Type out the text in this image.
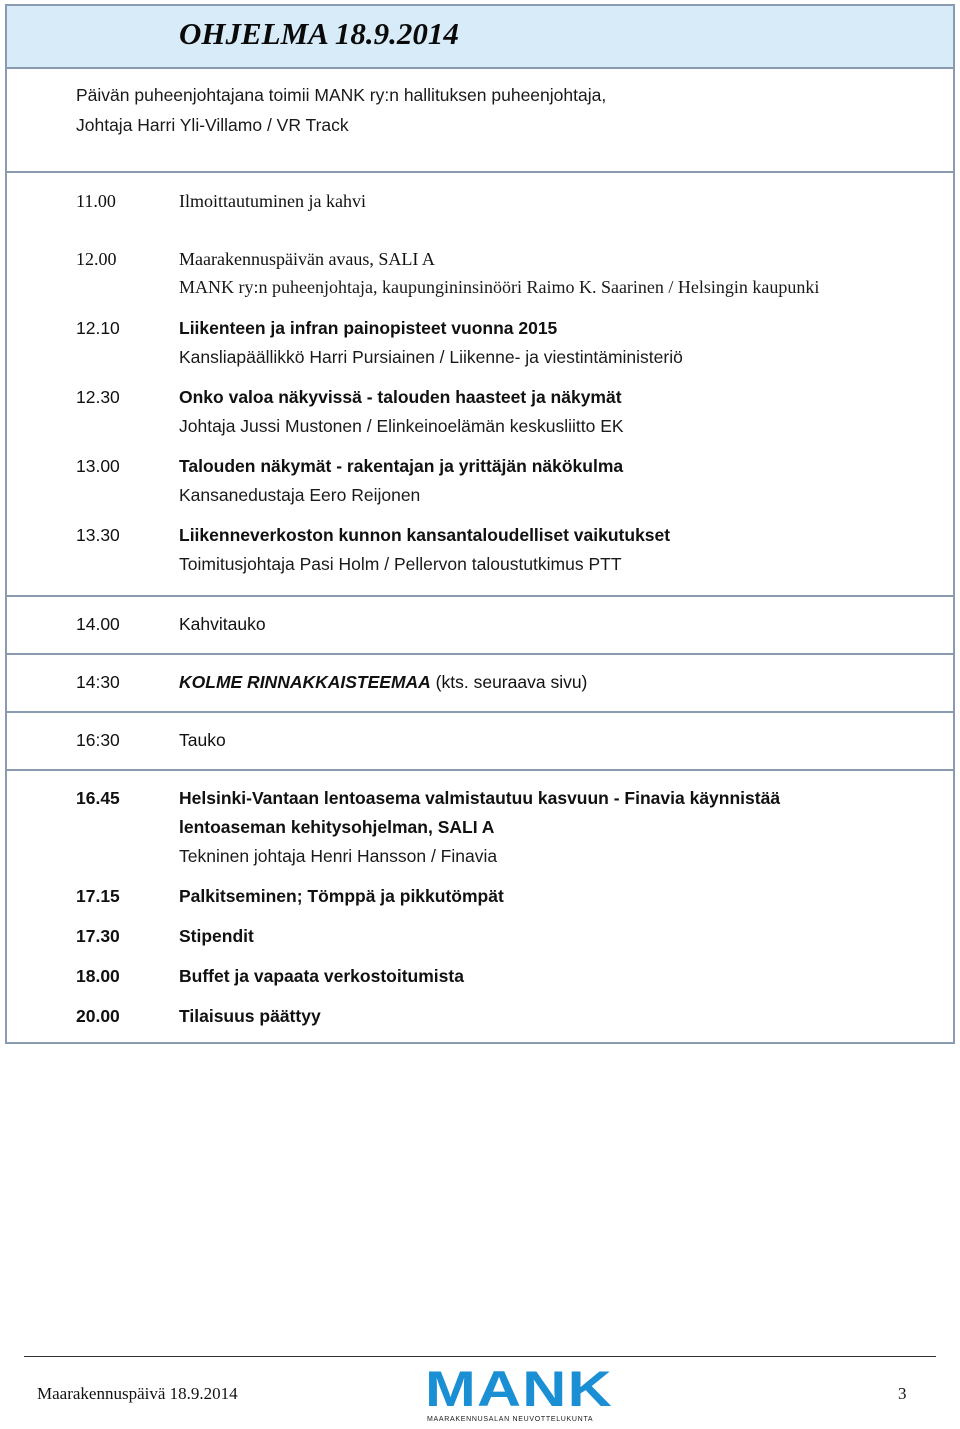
OHJELMA 18.9.2014
Päivän puheenjohtajana toimii MANK ry:n hallituksen puheenjohtaja,
Johtaja Harri Yli-Villamo / VR Track
11.00	Ilmoittautuminen ja kahvi
12.00	Maarakennuspäivän avaus, SALI A
MANK ry:n puheenjohtaja, kaupungininsinööri Raimo K. Saarinen / Helsingin kaupunki
12.10	Liikenteen ja infran painopisteet vuonna 2015
Kansliapäällikkö Harri Pursiainen / Liikenne- ja viestintäministeriö
12.30	Onko valoa näkyvissä - talouden haasteet ja näkymät
Johtaja Jussi Mustonen / Elinkeinoelämän keskusliitto EK
13.00	Talouden näkymät - rakentajan ja yrittäjän näkökulma
Kansanedustaja Eero Reijonen
13.30	Liikenneverkoston kunnon kansantaloudelliset vaikutukset
Toimitusjohtaja Pasi Holm / Pellervon taloustutkimus PTT
14.00	Kahvitauko
14:30	KOLME RINNAKKAISTEEMAA (kts. seuraava sivu)
16:30	Tauko
16.45	Helsinki-Vantaan lentoasema valmistautuu kasvuun - Finavia käynnistää
lentoaseman kehitysohjelman, SALI A
Tekninen johtaja Henri Hansson / Finavia
17.15	Palkitseminen; Tömppä ja pikkutömpät
17.30	Stipendit
18.00	Buffet ja vapaata verkostoitumista
20.00	Tilaisuus päättyy
Maarakennuspäivä 18.9.2014	MANK
MAARAKENNUSALAN NEUVOTTELUKUNTA
3
